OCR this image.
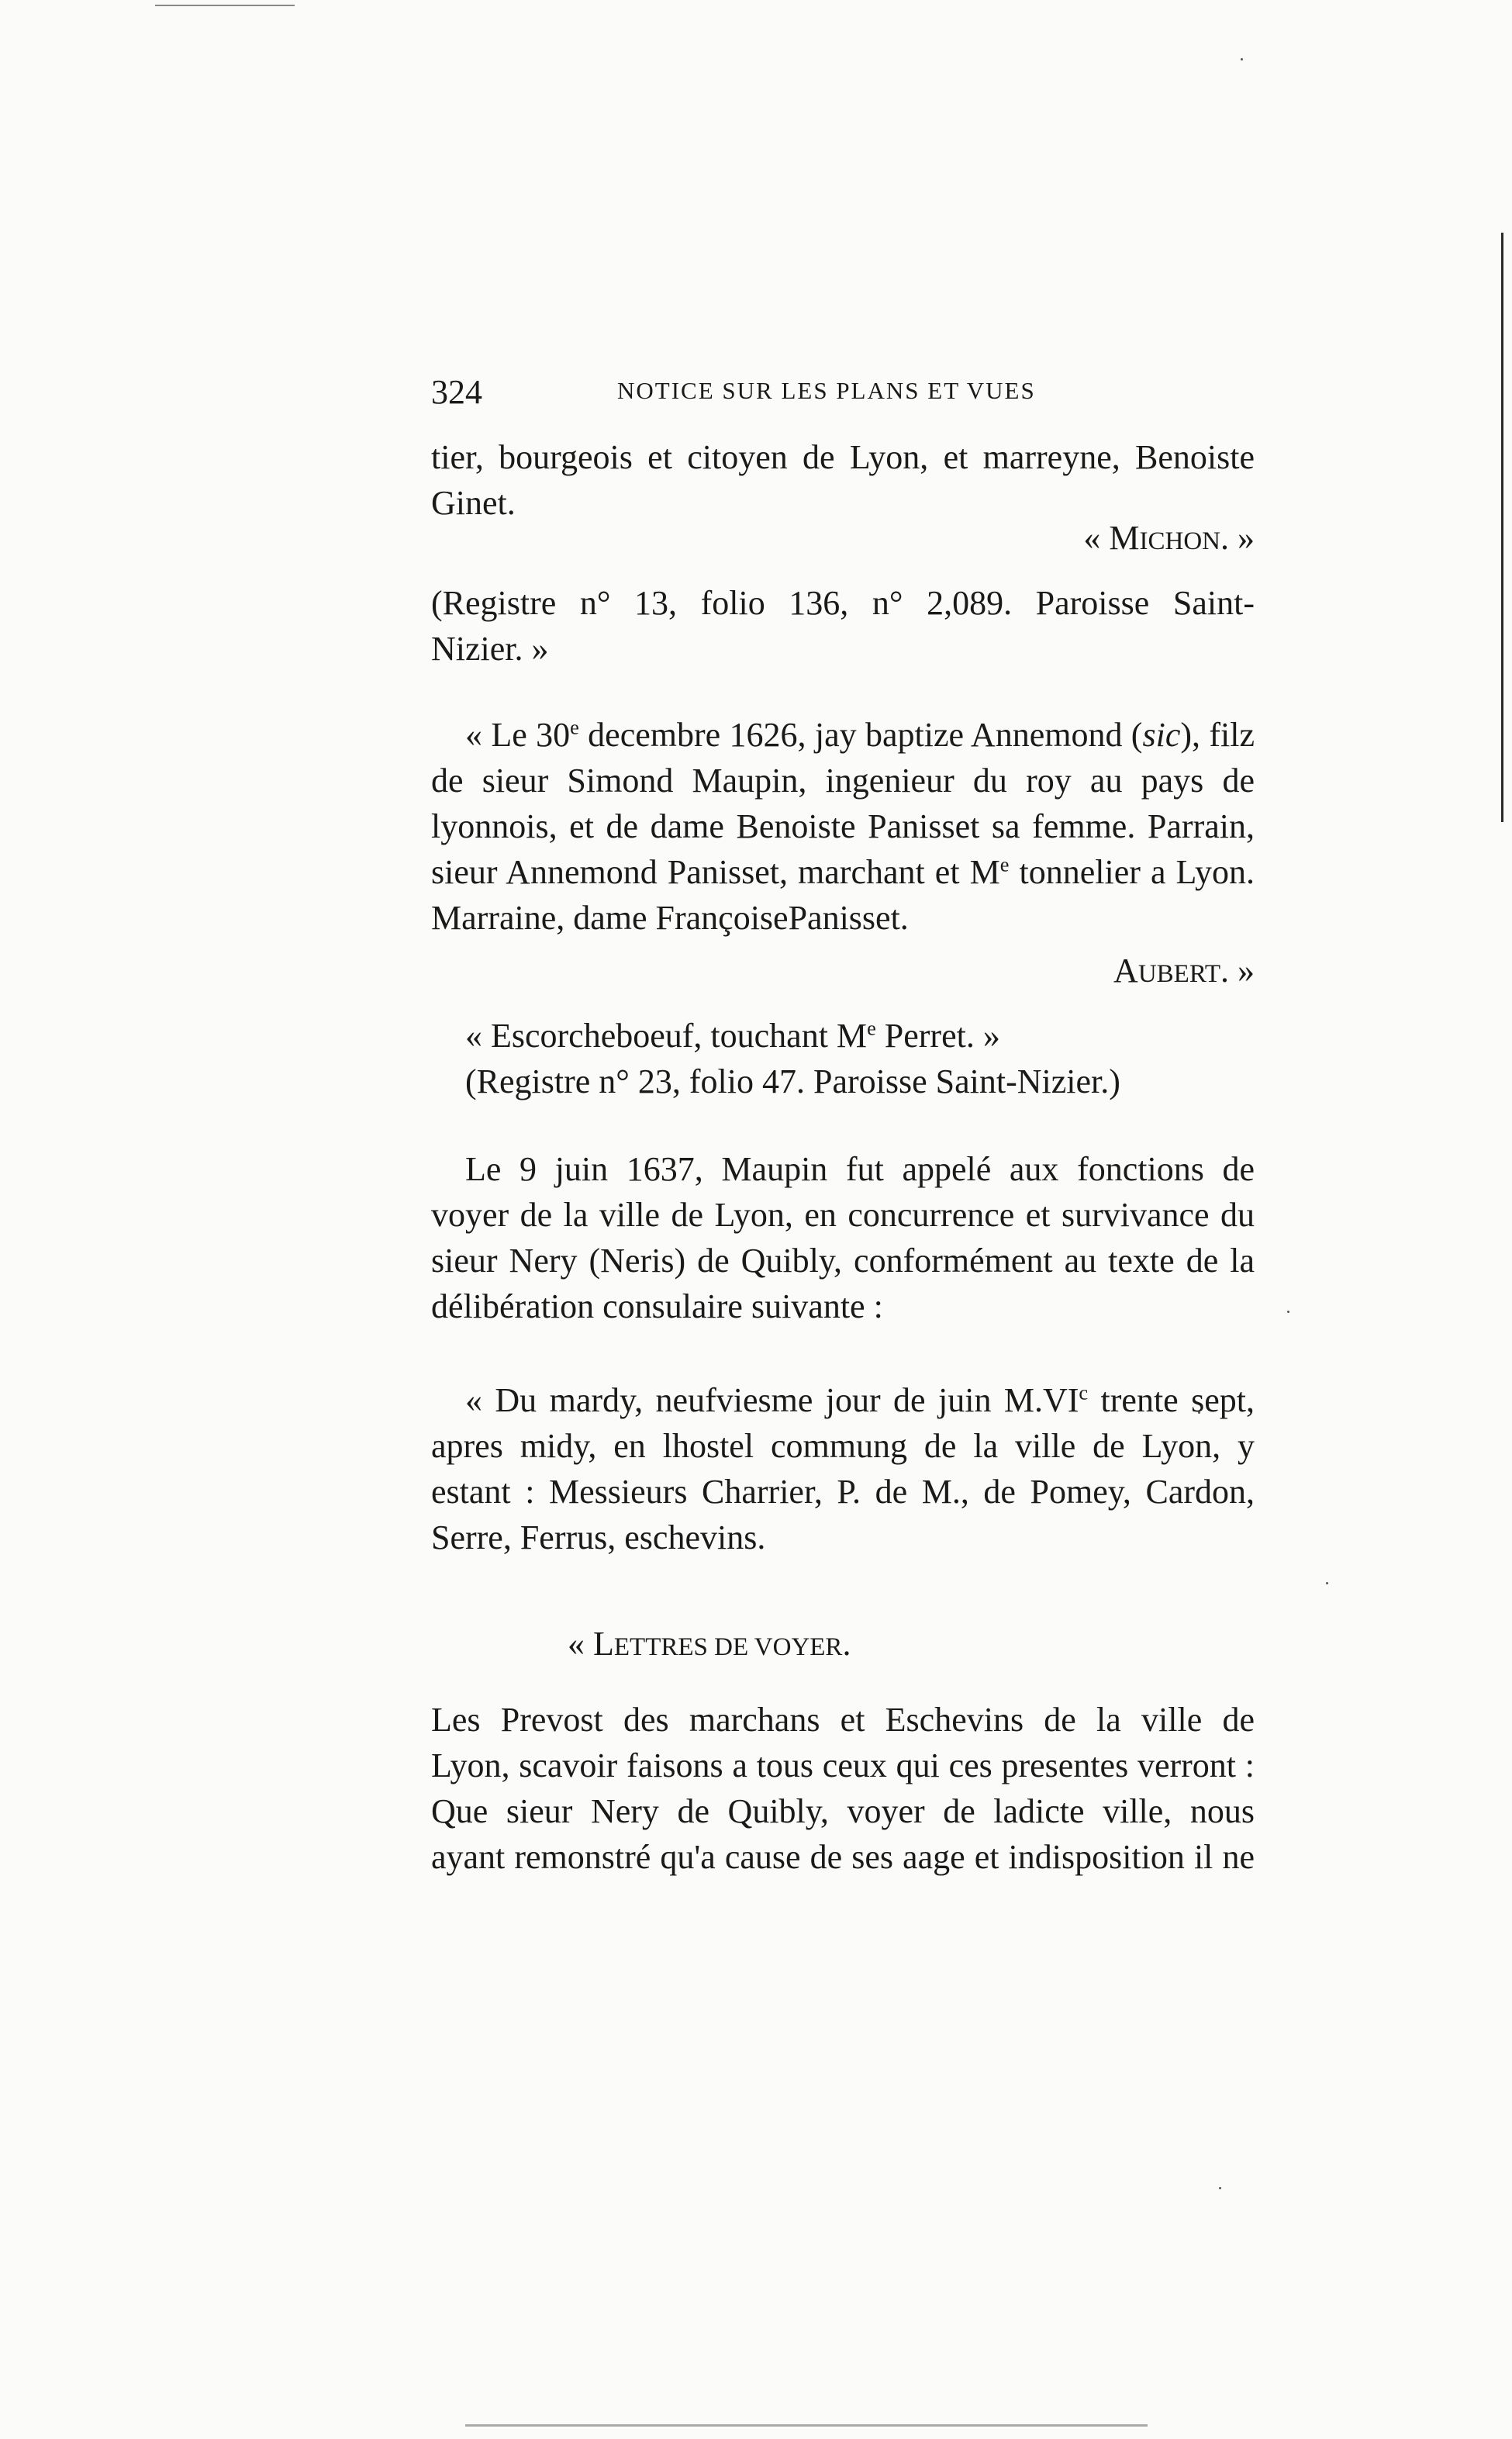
324	NOTICE SUR LES PLANS ET VUES
tier, bourgeois et citoyen de Lyon, et marreyne, Benoiste
Ginet.
« MICHON. »
(Registre n° 13, folio 136, n° 2,089. Paroisse Saint-
Nizier. »
« Le 30e decembre 1626, jay baptize Annemond (sic), filz
de sieur Simond Maupin, ingenieur du roy au pays de
lyonnois, et de dame Benoiste Panisset sa femme. Parrain,
sieur Annemond Panisset, marchant et Me tonnelier a Lyon.
Marraine, dame FrançoisePanisset.
AUBERT. »
« Escorcheboeuf, touchant Me Perret. »
(Registre n° 23, folio 47. Paroisse Saint-Nizier.)
Le 9 juin 1637, Maupin fut appelé aux fonctions de
voyer de la ville de Lyon, en concurrence et survivance du
sieur Nery (Neris) de Quibly, conformément au texte de la
délibération consulaire suivante :
« Du mardy, neufviesme jour de juin $M.VI^c$ trente sept,
apres midy, en lhostel commung de la ville de Lyon, y
estant : Messieurs Charrier, P. de M., de Pomey, Cardon,
Serre, Ferrus, eschevins.
« LETTRES DE VOYER.
Les Prevost des marchans et Eschevins de la ville de
Lyon, scavoir faisons a tous ceux qui ces presentes verront :
Que sieur Nery de Quibly, voyer de ladicte ville, nous
ayant remonstré qu'a cause de ses aage et indisposition il ne
